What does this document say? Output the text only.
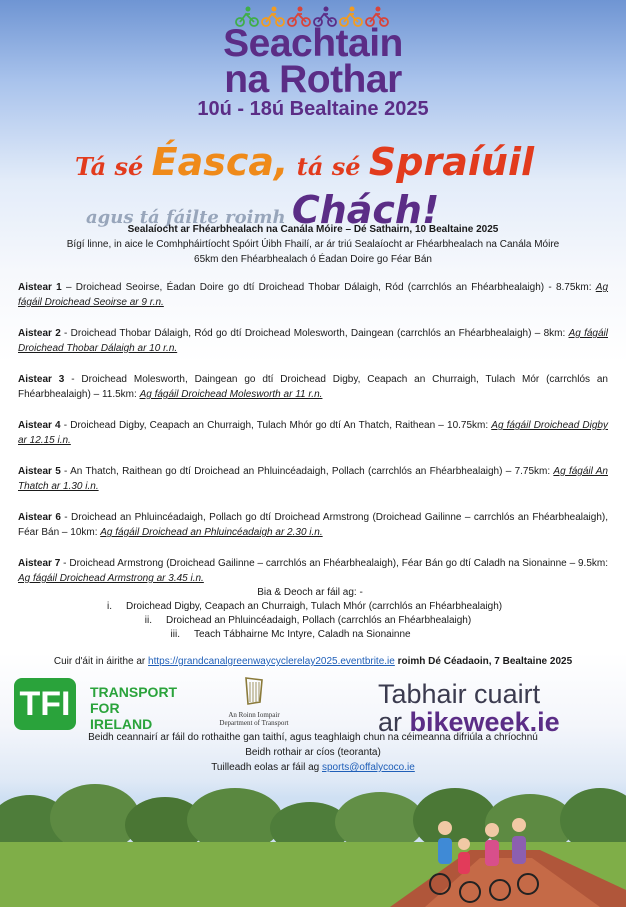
Seachtain
na Rothar
10ú - 18ú Bealtaine 2025
Tá sé Éasca, tá sé Spraíúil
agus tá fáilte roimh Chách!
Sealaíocht ar Fhéarbhealach na Canála Móire – Dé Sathairn, 10 Bealtaine 2025
Bígí linne, in aice le Comhpháirtíocht Spóirt Úibh Fhailí, ar ár triú Sealaíocht ar Fhéarbhealach na Canála Móire
65km den Fhéarbhealach ó Éadan Doire go Féar Bán
Aistear 1 – Droichead Seoirse, Éadan Doire go dtí Droichead Thobar Dálaigh, Ród (carrchlós an Fhéarbhealaigh) - 8.75km: Ag fágáil Droichead Seoirse ar 9 r.n.
Aistear 2 - Droichead Thobar Dálaigh, Ród go dtí Droichead Molesworth, Daingean (carrchlós an Fhéarbhealaigh) – 8km: Ag fágáil Droichead Thobar Dálaigh ar 10 r.n.
Aistear 3 - Droichead Molesworth, Daingean go dtí Droichead Digby, Ceapach an Churraigh, Tulach Mór (carrchlós an Fhéarbhealaigh) – 11.5km: Ag fágáil Droichead Molesworth ar 11 r.n.
Aistear 4 - Droichead Digby, Ceapach an Churraigh, Tulach Mhór go dtí An Thatch, Raithean – 10.75km: Ag fágáil Droichead Digby ar 12.15 i.n.
Aistear 5 - An Thatch, Raithean go dtí Droichead an Phluincéadaigh, Pollach (carrchlós an Fhéarbhealaigh) – 7.75km: Ag fágáil An Thatch ar 1.30 i.n.
Aistear 6 - Droichead an Phluincéadaigh, Pollach go dtí Droichead Armstrong (Droichead Gailinne – carrchlós an Fhéarbhealaigh), Féar Bán – 10km: Ag fágáil Droichead an Phluincéadaigh ar 2.30 i.n.
Aistear 7 - Droichead Armstrong (Droichead Gailinne – carrchlós an Fhéarbhealaigh), Féar Bán go dtí Caladh na Sionainne – 9.5km: Ag fágáil Droichead Armstrong ar 3.45 i.n.
Bia & Deoch ar fáil ag: -
i. Droichead Digby, Ceapach an Churraigh, Tulach Mhór (carrchlós an Fhéarbhealaigh)
ii. Droichead an Phluincéadaigh, Pollach (carrchlós an Fhéarbhealaigh)
iii. Teach Tábhairne Mc Intyre, Caladh na Sionainne
Cuir d'áit in áirithe ar https://grandcanalgreenwaycyclerelay2025.eventbrite.ie roimh Dé Céadaoin, 7 Bealtaine 2025
TFI	TRANSPORT
FOR
IRELAND
An Roinn Iompair
Department of Transport
Tabhair cuairt
ar bikeweek.ie
Beidh ceannairí ar fáil do rothaithe gan taithí, agus teaghlaigh chun na céimeanna difriúla a chríochnú
Beidh rothair ar cíos (teoranta)
Tuilleadh eolas ar fáil ag sports@offalycoco.ie
